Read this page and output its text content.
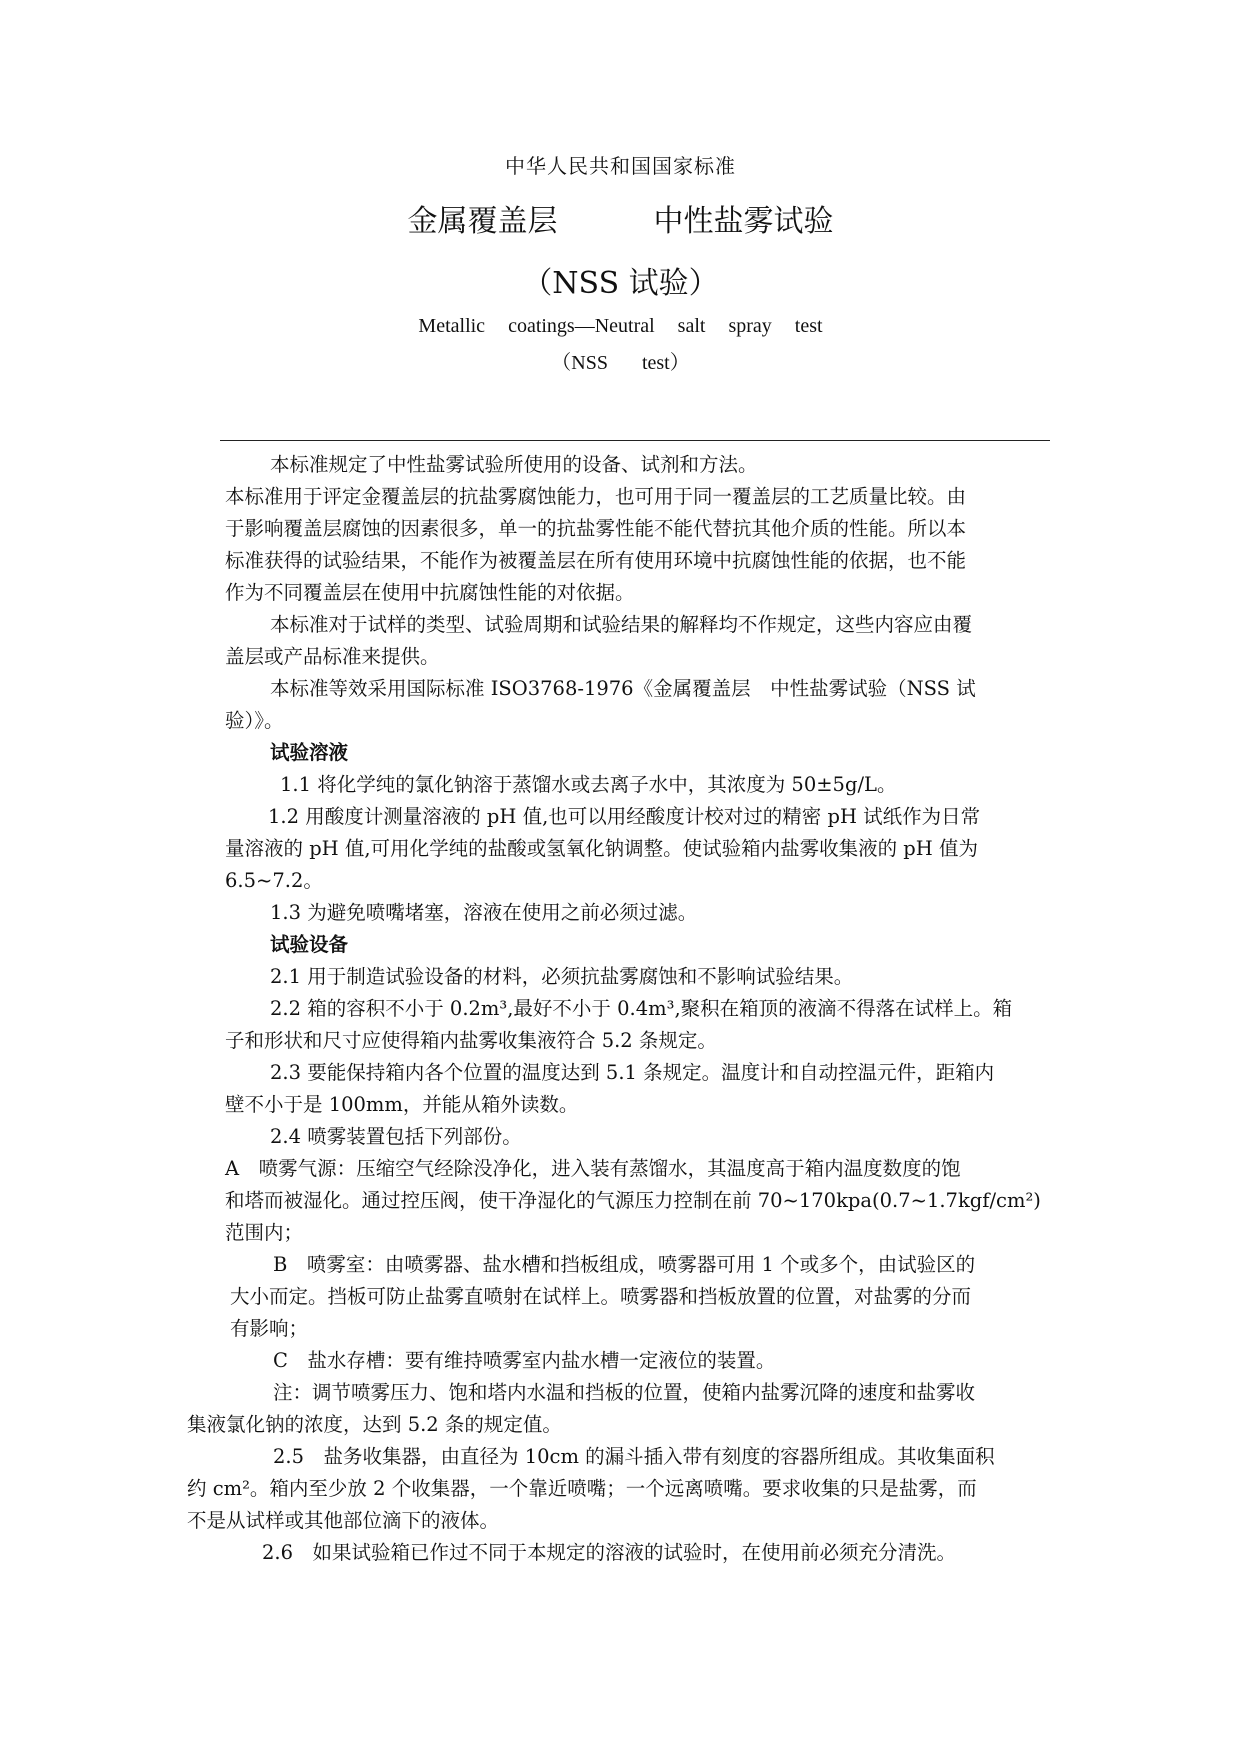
中华人民共和国国家标准
金属覆盖层	中性盐雾试验
（NSS 试验）
Metallic coatings—Neutral salt spray test
（NSS test）
本标准规定了中性盐雾试验所使用的设备、试剂和方法。
本标准用于评定金覆盖层的抗盐雾腐蚀能力，也可用于同一覆盖层的工艺质量比较。由
于影响覆盖层腐蚀的因素很多，单一的抗盐雾性能不能代替抗其他介质的性能。所以本
标准获得的试验结果，不能作为被覆盖层在所有使用环境中抗腐蚀性能的依据，也不能
作为不同覆盖层在使用中抗腐蚀性能的对依据。
本标准对于试样的类型、试验周期和试验结果的解释均不作规定，这些内容应由覆
盖层或产品标准来提供。
本标准等效采用国际标准 ISO3768-1976《金属覆盖层　中性盐雾试验（NSS 试
验）》。
试验溶液
1.1 将化学纯的氯化钠溶于蒸馏水或去离子水中，其浓度为 50±5g/L。
1.2 用酸度计测量溶液的 pH 值,也可以用经酸度计校对过的精密 pH 试纸作为日常
量溶液的 pH 值,可用化学纯的盐酸或氢氧化钠调整。使试验箱内盐雾收集液的 pH 值为
6.5~7.2。
1.3 为避免喷嘴堵塞，溶液在使用之前必须过滤。
试验设备
2.1 用于制造试验设备的材料，必须抗盐雾腐蚀和不影响试验结果。
2.2 箱的容积不小于 0.2m³,最好不小于 0.4m³,聚积在箱顶的液滴不得落在试样上。箱
子和形状和尺寸应使得箱内盐雾收集液符合 5.2 条规定。
2.3 要能保持箱内各个位置的温度达到 5.1 条规定。温度计和自动控温元件，距箱内
壁不小于是 100mm，并能从箱外读数。
2.4 喷雾装置包括下列部份。
A　喷雾气源：压缩空气经除没净化，进入装有蒸馏水，其温度高于箱内温度数度的饱
和塔而被湿化。通过控压阀，使干净湿化的气源压力控制在前 70~170kpa(0.7~1.7kgf/cm²)
范围内；
B　喷雾室：由喷雾器、盐水槽和挡板组成，喷雾器可用 1 个或多个，由试验区的
大小而定。挡板可防止盐雾直喷射在试样上。喷雾器和挡板放置的位置，对盐雾的分而
有影响；
C　盐水存槽：要有维持喷雾室内盐水槽一定液位的装置。
注：调节喷雾压力、饱和塔内水温和挡板的位置，使箱内盐雾沉降的速度和盐雾收
集液氯化钠的浓度，达到 5.2 条的规定值。
2.5　盐务收集器，由直径为 10cm 的漏斗插入带有刻度的容器所组成。其收集面积
约 cm²。箱内至少放 2 个收集器，一个靠近喷嘴；一个远离喷嘴。要求收集的只是盐雾，而
不是从试样或其他部位滴下的液体。
2.6　如果试验箱已作过不同于本规定的溶液的试验时，在使用前必须充分清洗。
